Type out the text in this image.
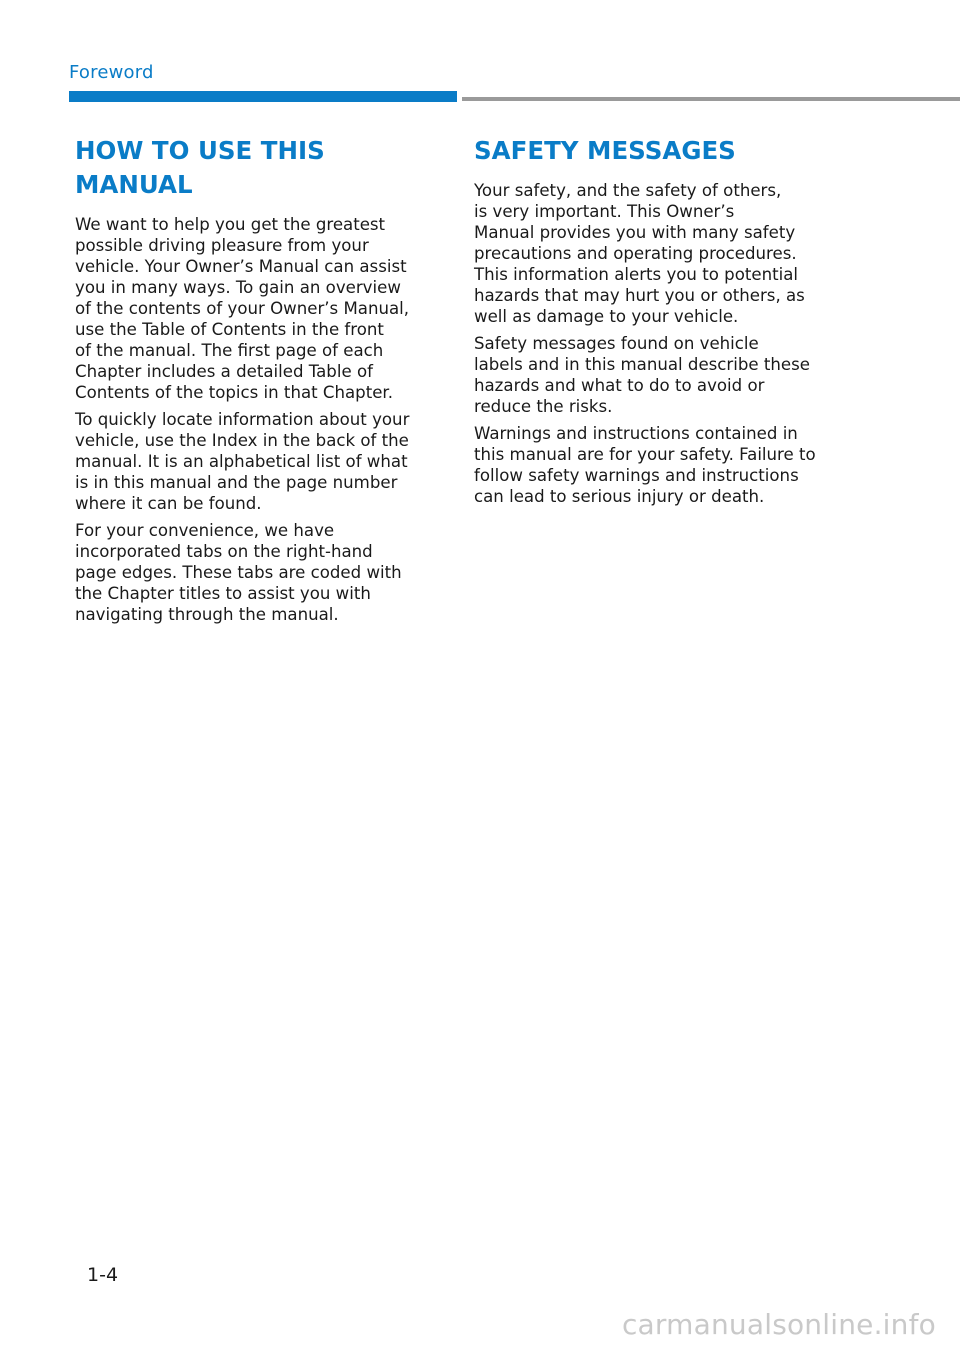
Foreword
HOW TO USE THIS MANUAL

We want to help you get the greatest
possible driving pleasure from your
vehicle. Your Owner’s Manual can assist
you in many ways. To gain an overview
of the contents of your Owner’s Manual,
use the Table of Contents in the front
of the manual. The first page of each
Chapter includes a detailed Table of
Contents of the topics in that Chapter.

To quickly locate information about your
vehicle, use the Index in the back of the
manual. It is an alphabetical list of what
is in this manual and the page number
where it can be found.

For your convenience, we have
incorporated tabs on the right-hand
page edges. These tabs are coded with
the Chapter titles to assist you with
navigating through the manual.

SAFETY MESSAGES

Your safety, and the safety of others,
is very important. This Owner’s
Manual provides you with many safety
precautions and operating procedures.
This information alerts you to potential
hazards that may hurt you or others, as
well as damage to your vehicle.

Safety messages found on vehicle
labels and in this manual describe these
hazards and what to do to avoid or
reduce the risks.

Warnings and instructions contained in
this manual are for your safety. Failure to
follow safety warnings and instructions
can lead to serious injury or death.

1-4
carmanualsonline.info
